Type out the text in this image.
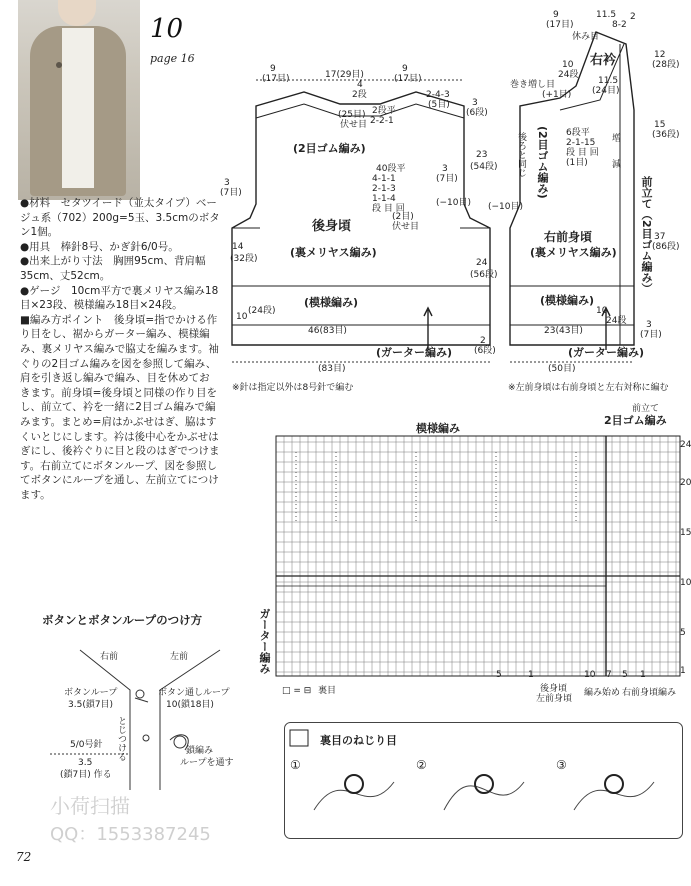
10
page 16

●材料　セタツイード（並太タイプ）ベージュ系（702）200g=5玉、3.5cmのボタン1個。

●用具　棒針8号、かぎ針6/0号。

●出来上がり寸法　胸囲95cm、背肩幅35cm、丈52cm。

●ゲージ　10cm平方で裏メリヤス編み18目×23段、模様編み18目×24段。

■編み方ポイント　後身頃=指でかける作り目をし、裾からガーター編み、模様編み、裏メリヤス編みで脇丈を編みます。袖ぐりの2目ゴム編みを図を参照して編み、肩を引き返し編みで編み、目を休めておきます。前身頃=後身頃と同様の作り目をし、前立て、衿を一緒に2目ゴム編みで編みます。まとめ=肩はかぶせはぎ、脇はすくいとじにします。衿は後中心をかぶせはぎにし、後衿ぐりに目と段のはぎでつけます。右前立てにボタンループ、図を参照してボタンにループを通し、左前立てにつけます。

ボタンとボタンループのつけ方
右前	左前
ボタンループ
3.5(鎖7目)
ボタン通しループ
10(鎖18目)
とじつける
5/0号針
3.5
(鎖7目) 作る
鎖編み
ループを通す
9
(17目)	17(29目)
9
(17目)
4
2段
(25目)
伏せ目
2-4-3
(5目)
2段平
2-2-1
(2目ゴム編み)
40段平
4-1-1
2-1-3
1-1-4
段 目 回
(2目)
伏せ目
(−10目)
後身頃
(裏メリヤス編み)
(模様編み)
3
(7目)
14
(32段)
10
(24段)
46(83目)
(83目)
(ガーター編み)
3
(6段)
3
(7目)
23
(54段)
24
(56段)
2
(6段)
9
(17目)
11.5
休み目
2
8-2
右衿
11.5
(24目)
10
24段
巻き増し目
(+1目)
後ろと同じ (2目ゴム編み) 6段平
2-1-15
段 目 回
(1目)
増
減
前立て（2目ゴム編み）
(−10目)
右前身頃
(裏メリヤス編み)
(模様編み)
10
24段
23(43目)
(50目)
(ガーター編み)
12
(28段)
15
(36段)
37
(86段)
3
(7目)
※針は指定以外は8号針で編む	※左前身頃は右前身頃と左右対称に編む
模様編み
前立て
2目ゴム編み
24
20
15
10
5
1
5	1	10 7 5 1
ガーター編み
□ = ⊟ 裏目	後身頃
左前身頃
編み始め 右前身頃編み
裏目のねじり目
①	②	③
小荷扫描
QQ：1553387245
72
